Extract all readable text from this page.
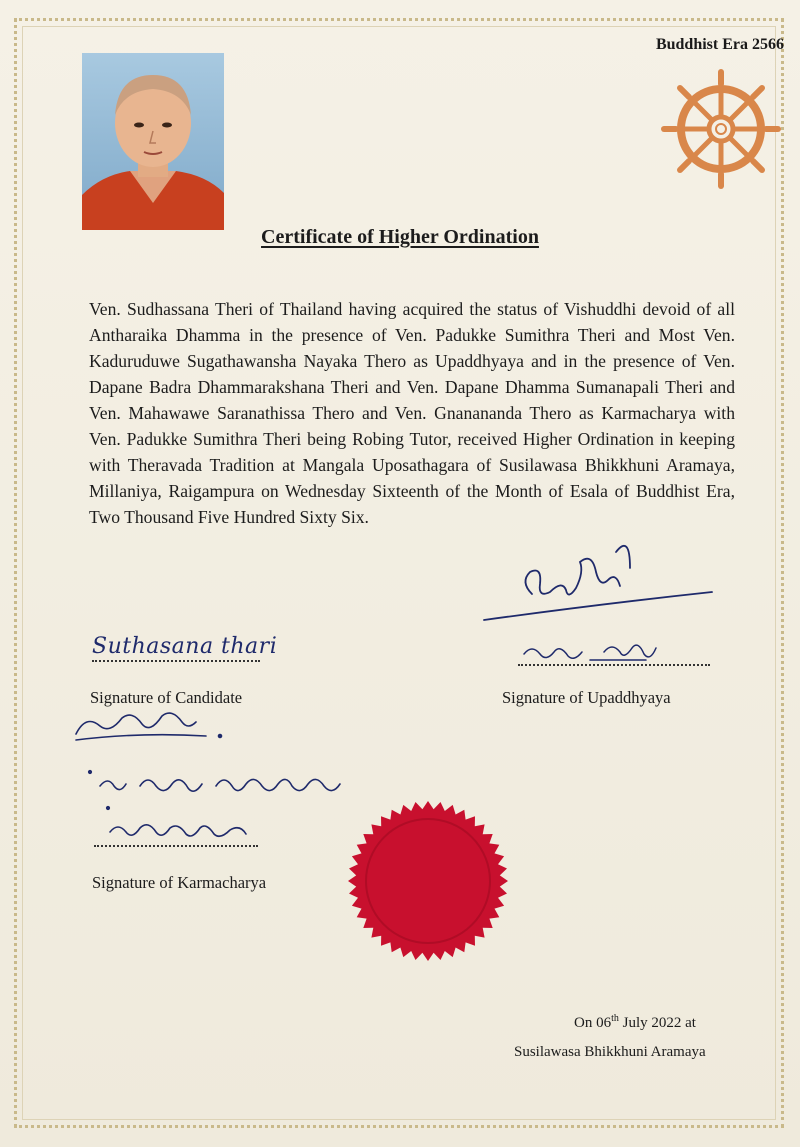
Buddhist Era 2566
Certificate of Higher Ordination
Ven. Sudhassana Theri of Thailand having acquired the status of Vishuddhi devoid of all Antharaika Dhamma in the presence of Ven. Padukke Sumithra Theri and Most Ven. Kaduruduwe Sugathawansha Nayaka Thero as Upaddhyaya and in the presence of Ven. Dapane Badra Dhammarakshana Theri and Ven. Dapane Dhamma Sumanapali Theri and Ven. Mahawawe Saranathissa Thero and Ven. Gnanananda Thero as Karmacharya with Ven. Padukke Sumithra Theri being Robing Tutor, received Higher Ordination in keeping with Theravada Tradition at Mangala Uposathagara of Susilawasa Bhikkhuni Aramaya, Millaniya, Raigampura on Wednesday Sixteenth of the Month of Esala of Buddhist Era, Two Thousand Five Hundred Sixty Six.
Suthasana thari
Signature of Candidate	Signature of Upaddhyaya
Signature of Karmacharya
On 06th July 2022 at
Susilawasa Bhikkhuni Aramaya
